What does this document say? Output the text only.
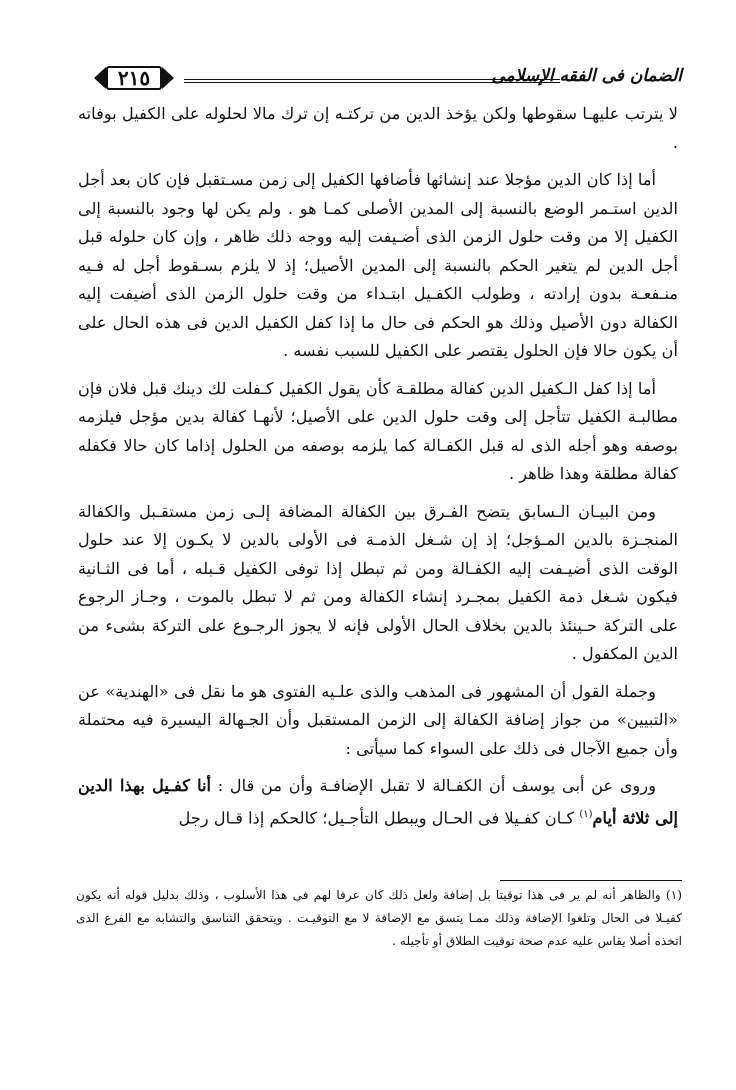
٢١٥	الضمان فى الفقه الإسلامى

لا يترتب عليهـا سقوطها ولكن يؤخذ الدين من تركتـه إن ترك مالا لحلوله على الكفيل بوفاته .

أما إذا كان الدين مؤجلا عند إنشائها فأضافها الكفيل إلى زمن مسـتقبل فإن كان بعد أجل الدين استـمر الوضع بالنسبة إلى المدين الأصلى كمـا هو . ولم يكن لها وجود بالنسبة إلى الكفيل إلا من وقت حلول الزمن الذى أضـيفت إليه ووجه ذلك ظاهر ، وإن كان حلوله قبل أجل الدين لم يتغير الحكم بالنسبة إلى المدين الأصيل؛ إذ لا يلزم بسـقوط أجل له فـيه منـفعـة بدون إرادته ، وطولب الكفـيل ابتـداء من وقت حلول الزمن الذى أضيفت إليه الكفالة دون الأصيل وذلك هو الحكم فى حال ما إذا كفل الكفيل الدين فى هذه الحال على أن يكون حالا فإن الحلول يقتصر على الكفيل للسبب نفسه .

أما إذا كفل الـكفيل الدين كفالة مطلقـة كأن يقول الكفيل كـفلت لك دينك قبل فلان فإن مطالبـة الكفيل تتأجل إلى وقت حلول الدين على الأصيل؛ لأنهـا كفالة بدين مؤجل فيلزمه بوصفه وهو أجله الذى له قبل الكفـالة كما يلزمه بوصفه من الحلول إذاما كان حالا فكفله كفالة مطلقة وهذا ظاهر .

ومن البيـان الـسابق يتضح الفـرق بين الكفالة المضافة إلـى زمن مستقـبل والكفالة المنجـزة بالدين المـؤجل؛ إذ إن شـغل الذمـة فى الأولى بالدين لا يكـون إلا عند حلول الوقت الذى أضيـفت إليه الكفـالة ومن ثم تبطل إذا توفى الكفيل قـبله ، أما فى الثـانية فيكون شـغل ذمة الكفيل بمجـرد إنشاء الكفالة ومن ثم لا تبطل بالموت ، وجـاز الرجوع على التركة حـينئذ بالدين بخلاف الحال الأولى فإنه لا يجوز الرجـوع على التركة بشىء من الدين المكفول .

وجملة القول أن المشهور فى المذهب والذى علـيه الفتوى هو ما نقل فى «الهندية» عن «التبيين» من جواز إضافة الكفالة إلى الزمن المستقبل وأن الجـهالة اليسيرة فيه محتملة وأن جميع الآجال فى ذلك على السواء كما سيأتى :

وروى عن أبى يوسف أن الكفـالة لا تقبل الإضافـة وأن من قال : أنا كفـيل بهذا الدين إلى ثلاثة أيام$^{(١)}$ كـان كفـيلا فى الحـال ويبطل التأجـيل؛ كالحكم إذا قـال رجل

(١) والظاهر أنه لم ير فى هذا توقيتا بل إضافة ولعل ذلك كان عرفا لهم فى هذا الأسلوب ، وذلك بدليل قوله أنه يكون كفيـلا فى الحال وتلغوا الإضافة وذلك ممـا يتسق مع الإضافة لا مع التوقيـت . ويتحقق التناسق والتشابه مع الفرع الذى اتخذه أصلا يقاس عليه عدم صحة توقيت الطلاق أو تأجيله .
